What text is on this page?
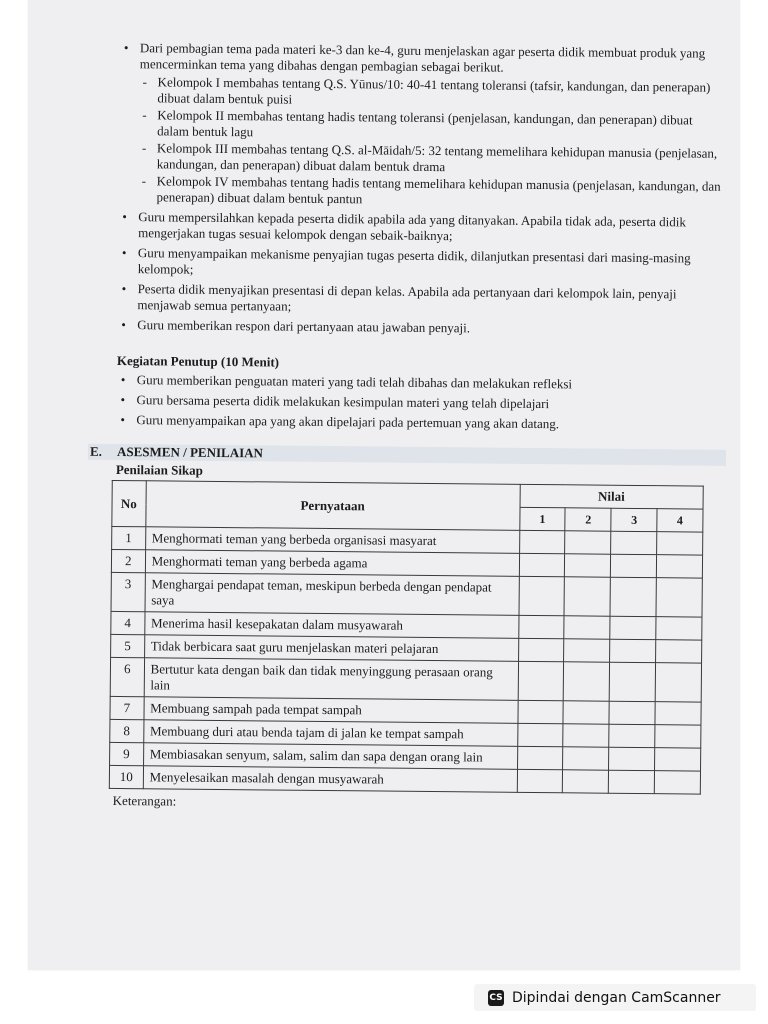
• Dari pembagian tema pada materi ke-3 dan ke-4, guru menjelaskan agar peserta didik membuat produk yang mencerminkan tema yang dibahas dengan pembagian sebagai berikut.
- Kelompok I membahas tentang Q.S. Yūnus/10: 40-41 tentang toleransi (tafsir, kandungan, dan penerapan) dibuat dalam bentuk puisi
- Kelompok II membahas tentang hadis tentang toleransi (penjelasan, kandungan, dan penerapan) dibuat dalam bentuk lagu
- Kelompok III membahas tentang Q.S. al-Māidah/5: 32 tentang memelihara kehidupan manusia (penjelasan, kandungan, dan penerapan) dibuat dalam bentuk drama
- Kelompok IV membahas tentang hadis tentang memelihara kehidupan manusia (penjelasan, kandungan, dan penerapan) dibuat dalam bentuk pantun
• Guru mempersilahkan kepada peserta didik apabila ada yang ditanyakan. Apabila tidak ada, peserta didik mengerjakan tugas sesuai kelompok dengan sebaik-baiknya;
• Guru menyampaikan mekanisme penyajian tugas peserta didik, dilanjutkan presentasi dari masing-masing kelompok;
• Peserta didik menyajikan presentasi di depan kelas. Apabila ada pertanyaan dari kelompok lain, penyaji menjawab semua pertanyaan;
• Guru memberikan respon dari pertanyaan atau jawaban penyaji.
Kegiatan Penutup (10 Menit)
• Guru memberikan penguatan materi yang tadi telah dibahas dan melakukan refleksi
• Guru bersama peserta didik melakukan kesimpulan materi yang telah dipelajari
• Guru menyampaikan apa yang akan dipelajari pada pertemuan yang akan datang.
E. ASESMEN / PENILAIAN
Penilaian Sikap
No	Pernyataan	Nilai			
		1	2	3	4
1	Menghormati teman yang berbeda organisasi masyarat				
2	Menghormati teman yang berbeda agama				
3	Menghargai pendapat teman, meskipun berbeda dengan pendapat saya				
4	Menerima hasil kesepakatan dalam musyawarah				
5	Tidak berbicara saat guru menjelaskan materi pelajaran				
6	Bertutur kata dengan baik dan tidak menyinggung perasaan orang lain				
7	Membuang sampah pada tempat sampah				
8	Membuang duri atau benda tajam di jalan ke tempat sampah				
9	Membiasakan senyum, salam, salim dan sapa dengan orang lain				
10	Menyelesaikan masalah dengan musyawarah				
Keterangan:
CS Dipindai dengan CamScanner
